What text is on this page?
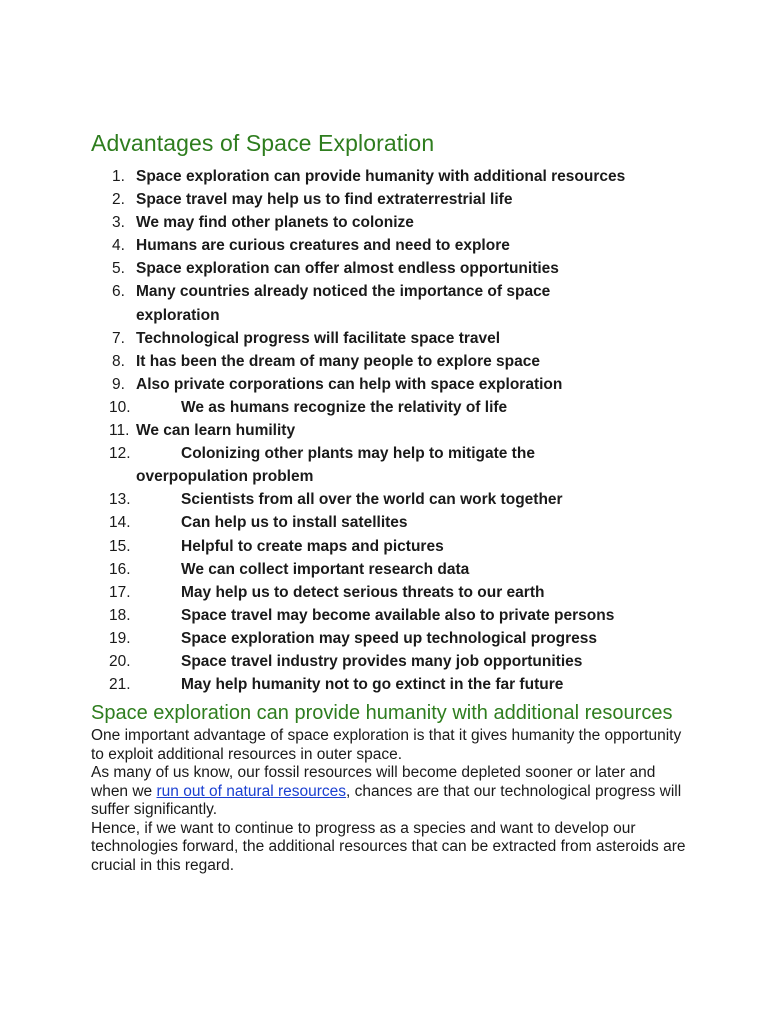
Advantages of Space Exploration
1. Space exploration can provide humanity with additional resources
2. Space travel may help us to find extraterrestrial life
3. We may find other planets to colonize
4. Humans are curious creatures and need to explore
5. Space exploration can offer almost endless opportunities
6. Many countries already noticed the importance of space exploration
7. Technological progress will facilitate space travel
8. It has been the dream of many people to explore space
9. Also private corporations can help with space exploration
10.	We as humans recognize the relativity of life
11. We can learn humility
12.	Colonizing other plants may help to mitigate the overpopulation problem
13.	Scientists from all over the world can work together
14.	Can help us to install satellites
15.	Helpful to create maps and pictures
16.	We can collect important research data
17.	May help us to detect serious threats to our earth
18.	Space travel may become available also to private persons
19.	Space exploration may speed up technological progress
20.	Space travel industry provides many job opportunities
21.	May help humanity not to go extinct in the far future
Space exploration can provide humanity with additional resources

One important advantage of space exploration is that it gives humanity the opportunity to exploit additional resources in outer space.

As many of us know, our fossil resources will become depleted sooner or later and when we run out of natural resources, chances are that our technological progress will suffer significantly.

Hence, if we want to continue to progress as a species and want to develop our technologies forward, the additional resources that can be extracted from asteroids are crucial in this regard.
